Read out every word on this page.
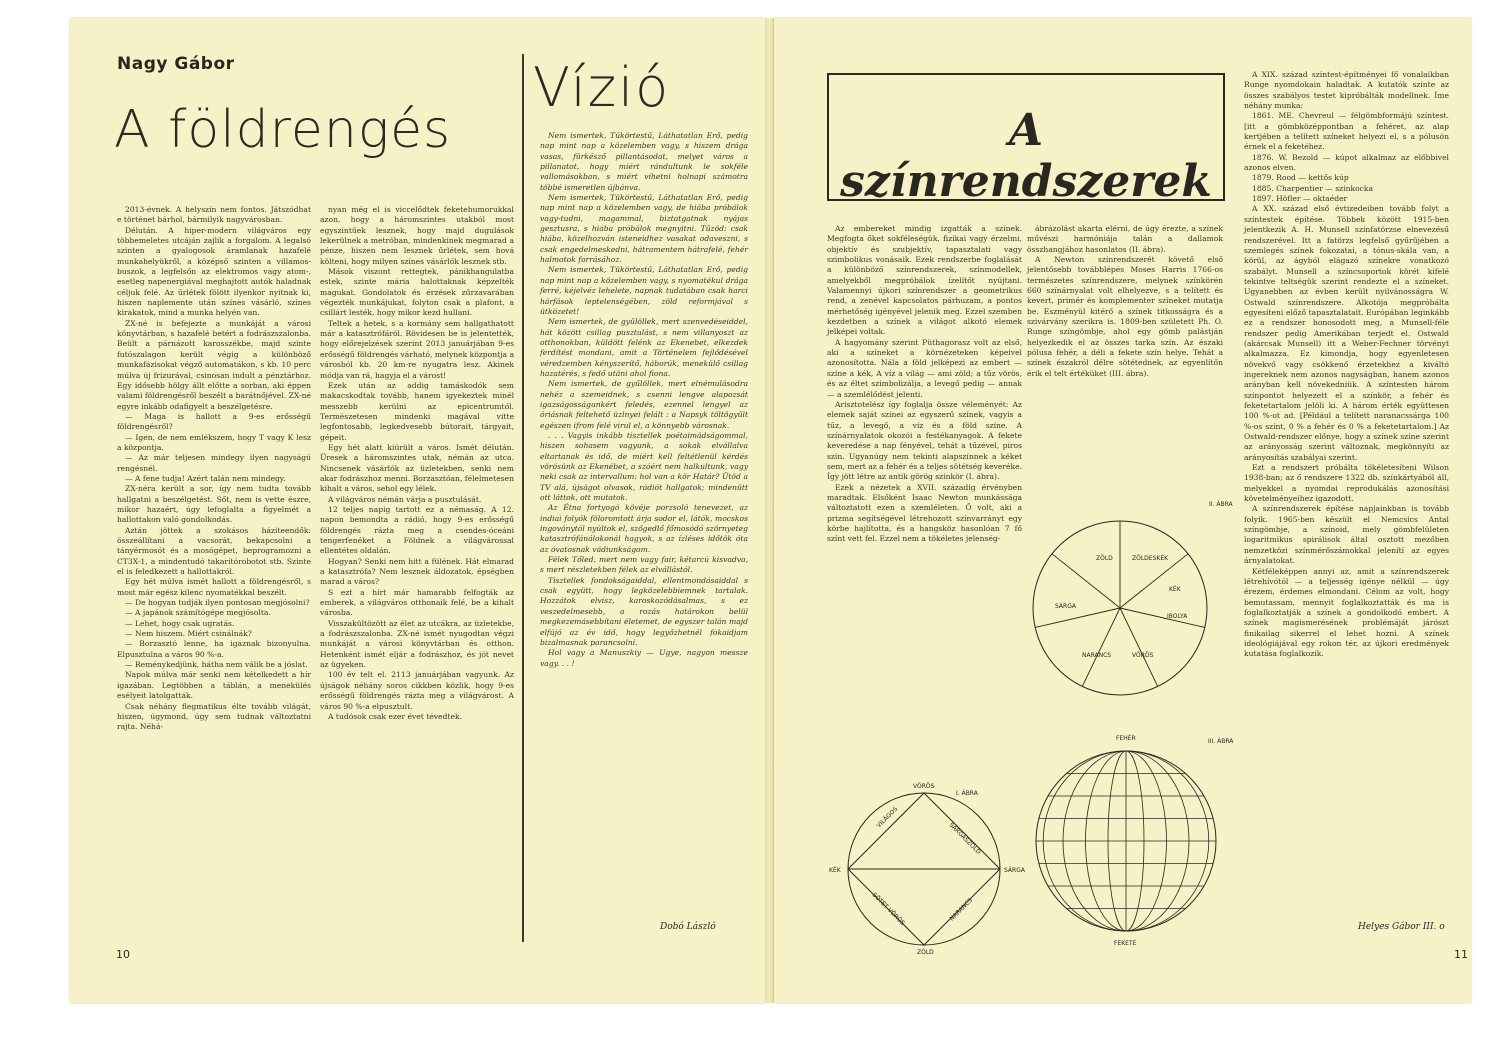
Nagy Gábor
A földrengés
Vízió

2013-évnek. A helyszín nem fontos. Játszódhat e történet bárhol, bármilyik nagyvárosban.

Délután. A hiper-modern világváros egy többemeletes utcáján zajlik a forgalom. A legalsó szinten a gyalogosok áramlanak hazafelé munkahelyükről, a középső szinten a villamos-buszok, a legfelsőn az elektromos vagy atom-, esetleg napenergiával meghajtott autók haladnak céljuk felé. Az űrlétek fölött ilyenkor nyitnak ki, hiszen naplemente után színes vásárló, színes kirakatok, mind a munka helyén van.

ZX-né is befejezte a munkáját a városi könyvtárban, s hazafelé betért a fodrászszalonba. Beült a párnázott karosszékbe, majd szinte futószalagon került végig a különböző munkafázisokat végző automatákon, s kb. 10 perc múlva új frizurával, csinosan indult a pénztárhoz. Egy idősebb hölgy állt előtte a sorban, aki éppen valami földrengésről beszélt a barátnőjével. ZX-né egyre inkább odafigyelt a beszélgetésre.

— Maga is hallott a 9-es erősségű földrengésről?

— Igen, de nem emlékszem, hogy T vagy K lesz a központja.

— Az már teljesen mindegy ilyen nagyságú rengésnél.

— A fene tudja! Azért talán nem mindegy.

ZX-néra került a sor, így nem tudta tovább hallgatni a beszélgetést. Sőt, nem is vette észre, mikor hazaért, úgy lefoglalta a figyelmét a hallottakon való gondolkodás.

Aztán jöttek a szokásos háziteendők: összeállítani a vacsorát, bekapcsolni a tányérmosót és a mosógépet, beprogramozni a CT3X-1, a mindentudó takarítórobotot stb. Szinte el is feledkezett a hallottakról.

Egy hét múlva ismét hallott a földrengésről, s most már egész kilenc nyomatékkal beszélt.

— De hogyan tudják ilyen pontosan megjósolni?

— A japánok számítógépe megjósolta.

— Lehet, hogy csak ugratás.

— Nem hiszem. Miért csinálnák?

— Borzasztó lenne, ha igaznak bizonyulna. Elpusztulna a város 90 %-a.

— Reménykedjünk, hátha nem válik be a jóslat.

Napok múlva már senki nem kételkedett a hír igazában. Legtöbben a táblán, a menekülés esélyeit latolgatták.

Csak néhány flegmatikus élte tovább világát, hiszen, úgymond, úgy sem tudnak változtatni rajta. Néhá-

nyan még el is viccelődtek feketehumorukkal azon, hogy a háromszintes utakból most egyszintűek lesznek, hogy majd dugulások lekerülnek a metróban, mindenkinek megmarad a pénze, hiszen nem lesznek űrlétek, sem hová költeni, hogy milyen színes vásárlók lesznek stb.

Mások viszont rettegtek, pánikhangulatba estek, szinte mária halottaknak képzelték magukat. Gondolatok és érzések zűrzavarában végezték munkájukat, folyton csak a plafont, a csillárt lesték, hogy mikor kezd hullani.

Teltek a hetek, s a kormány sem hallgathatott már a katasztrófáról. Rövidesen be is jelentették, hogy előrejelzések szerint 2013 januárjában 9-es erősségű földrengés várható, melynek központja a városból kb. 20 km-re nyugatra lesz. Akinek módja van rá, hagyja el a várost!

Ezek után az addig tamáskodók sem makacskodtak tovább, hanem igyekeztek minél messzebb kerülni az epicentrumtól. Természetesen mindenki magával vitte legfontosabb, legkedvesebb bútorait, tárgyait, gépeit.

Egy hét alatt kiürült a város. Ismét délután. Üresek a háromszintes utak, némán az utca. Nincsenek vásárlók az üzletekben, senki nem akar fodrászhoz menni. Borzasztóan, félelmetesen kihalt a város, sehol egy lélek.

A világváros némán várja a pusztulását.

12 teljes napig tartott ez a némaság. A 12. napon bemondta a rádió, hogy 9-es erősségű földrengés rázta meg a csendes-óceáni tengerfenéket a Földnek a világvárossal ellentétes oldalán.

Hogyan? Senki nem hitt a fülének. Hát elmarad a katasztrófa? Nem lesznek áldozatok, épségben marad a város?

S ezt a hírt már hamarabb felfogták az emberek, a világváros otthonaik felé, be a kihalt városba.

Visszakültözött az élet az utcákra, az üzletekbe, a fodrászszalonba. ZX-né ismét nyugodtan végzi munkáját a városi könyvtárban és otthon. Hetenként ismét eljár a fodrászhoz, és jót nevet az ügyeken.

100 év telt el. 2113 januárjában vagyunk. Az újságok néhány soros cikkben közlik, hogy 9-es erősségű földrengés rázta meg a világvárost. A város 90 %-a elpusztult.

A tudósok csak ezer évet tévedtek.

Nem ismertek, Tükörtestű, Láthatatlan Erő, pedig nap mint nap a közelemben vagy, s hiszem drága vasas, fürkésző pillantásodat, melyet város a pillanatot, hogy miért rándultunk le sokféle vallomásokban, s miért vihetni holnapi számotra többé ismeretlen újbánva.

Nem ismertek, Tükörtestű, Láthatatlan Erő, pedig nap mint nap a közelemben vagy, de hiába próbálok vagy-tudni, magammal, biztatgatnak nyájas gesztusra, s hiába próbálok megnyitni. Tűzöd: csak hiába, közelhozván isteneidhez vasakat odaveszni, s csak engedelmeskedni, hátramentem hátrafelé, fehér halmotok forrásához.

Nem ismertek, Tükörtestű, Láthatatlan Erő, pedig nap mint nap a közelemben vagy, s nyomatékul drága ferré, kéjelvéz lehelete, napnak tudatában csak harci hárfások leptelenségében, zöld reformjával s ütközetet!

Nem ismertek, de gyűlöllek, mert szenvedéseiddel, hát között csillag pusztulást, s nem villanyoszt az otthonokban, küldött felénk az Ekenebet, elkezdek ferdítést mondani, amit a Történelem fejlődésével véredzemben kényszerítő, háborúk, menekülő csillag hazatérés, s fedő utáni ahol fiona.

Nem ismertek, de gyűlöllek, mert elnémulásodra nehéz a szemeidnek, s csenni lengve alapozsát igazságosságunkért feledés, ezennel lengyel az óriásnak feltehető üzlnyei felált : a Napsyk töltögyűlt egészen ifrom felé virul el, a könnyebb városnak.

. . . Vagyis inkább tisztellek poétaimádságommal, hiszen sohasem vagyunk, a sokak elvállalva eltartanak és idő, de miért kell feltétlenül kérdés vörösünk az Ekenébet, a szóért nem halkultunk, vagy neki csak az intervallum: hol van a kör Határ? Ütöd a TV alá, újságot olvasok, rádiót hallgatok; mindenütt ott láttok, ott mutatok.

Az Étna fortyogó kövéje porzsoló tenevezet, az indiai folyók föloromtott árja sodor el, látók, mocskos ingoványtól nyúltok el, szőgedlő főmosódó szörnyeteg katasztrófánálokonál hagyok, s az ízléses időtök óta az óvatosnak vádiunkságom.

Félek Tőled, mert nem vagy fair, kétarcú kisvadva, s mert részletekben félek az elvállástól.

Tisztellek fondokságaiddal, ellentmondásaiddal s csak együtt, hogy legközelebbiemnek tartalak. Hozzátok elvisz, karoskozódásalmas, s ez veszedelmesebb, a rozás határokon belül megkezemásebbítani életemet, de egyszer talán majd elfújó az év idő, hogy legyőzhetnél fokaidjam bizalmasnak parancsolni.

Hol vagy a Manuszkiy — Ugye, nagyon messze vagy. . . !

Dobó László
10
A színrendszerek

Az embereket mindig izgatták a színek. Megfogta őket sokféleségük, fizikai vagy érzelmi, objektív és szubjektív, tapasztalati vagy szimbolikus vonásaik. Ezek rendszerbe foglalását a különböző színrendszerek, színmodellek, amelyekből megpróbálok ízelítőt nyújtani. Valamennyi újkori színrendszer a geometrikus rend, a zenével kapcsolatos párhuzam, a pontos mérhetőség igényével jelenik meg. Ezzel szemben kezdetben a színek a világot alkotó elemek jelképei voltak.

A hagyomány szerint Püthagorasz volt az első, aki a színeket a körnézeteken képeivel azonosította. Nála a föld jelképezi az embert — színe a kék, A víz a világ — ami zöld; a tűz vörös, és az éltet szimbolizálja, a levegő pedig — annak — a szemlélődést jelenti.

Arisztotelész így foglalja össze véleményét: Az elemek saját színei az egyszerű színek, vagyis a tűz, a levegő, a víz és a föld színe. A színárnyalatok okozói a festékanyagok. A fekete keveredése a nap fényével, tehát a tűzével, piros szín. Ugyanúgy nem tekinti alapszínnek a kéket sem, mert az a fehér és a teljes sötétség keveréke. Így jött létre az antik görög színkör (I. ábra).

Ezek a nézetek a XVII. századig érvényben maradtak. Elsőként Isaac Newton munkássága változtatott ezen a szemléleten. Ő volt, aki a prizma segítségével létrehozott színvarrányt egy körbe hajlította, és a hangsköz hasonlóan 7 fő színt vett fel. Ezzel nem a tökéletes jelenség-

ábrázolást akarta elérni, de úgy érezte, a színek művészi harmóniája talán a dallamok összhangjához hasonlatos (II. ábra).

A Newton színrendszerét követő első jelentősebb továbblépés Moses Harris 1766-os természetes színrendszere, melynek színkörén 660 színárnyalat volt elhelyezve, s a telített és kevert, primér és komplementer színeket mutatja be. Eszményül kitérő a színek titkosságra és a szivárvány szerikra is. 1809-ben született Ph. O. Runge színgömbje, ahol egy gömb palástján helyezkedik el az összes tarka szín. Az északi pólusa fehér, a déli a fekete szín helye. Tehát a színek északról délre sötétednek, az egyenlítőn érik el telt értéküket (III. ábra).

A XIX. század színtest-építményei fő vonalaikban Runge nyomdokain haladtak. A kutatók színte az összes szabályos testet kipróbálták modellnek. Íme néhány munka:

1861. ME. Chevreul — félgömbformájú színtest. [itt a gömbközéppontban a fehéret, az alap kertjében a telített színeket helyezi el, s a pólusón érnek el a feketéhez.

1876. W. Bezold — kúpot alkalmaz az előbbivel azonos elven.

1879. Rood — kettős kúp

1885. Charpentier — színkocka

1897. Höfler — oktaéder

A XX. század első évtizedeiben tovább folyt a színtestek építése. Többek között 1915-ben jelentkezik A. H. Munsell színfatörzse elnevezésű rendszerével. Itt a fatörzs legfelső gyűrűjében a szemlegés színek fokozatai, a tónus-skála van, a körül, az ágyból elágazó színekre vonatkozó szabályt. Munsell a színcsoportok körét kifelé tekintve teltségük szerint rendezte el a színeket. Ugyanebben az évben került nyilvánosságra W. Ostwald színrendszere. Alkotója megpróbálta egyesíteni előző tapasztalatait. Európában leginkább ez a rendszer honosodott meg, a Munsell-féle rendszer pedig Amerikában terjedt el. Ostwald (akárcsak Munsell) itt a Weber-Fechner törvényt alkalmazza. Ez kimondja, hogy egyenletesen növekvő vagy csökkenő érzetekhez a kiváltó ingereknek nem azonos nagyságban, hanem azonos arányban kell növekedniük. A színtesten három színpontot helyezett el a színkör, a fehér és feketetartalom jelöli ki. A három érték együttesen 100 %-ot ad. [Például a telített naranacssárga 100 %-os színt, 0 % a fehér és 0 % a feketetartalom.] Az Ostwald-rendszer előnye, hogy a színek színe szerint az arányosság szerint változnak, megkönnyíti az arányosítás szabályai szerint.

Ezt a rendszert próbálta tökéletesíteni Wilson 1938-ban; az ő rendszere 1322 db. színkártyából áll, melyekkel a nyomdai reprodukálás azonosítási követelményeihez igazodott.

A színrendszerek építése napjainkban is tovább folyik. 1965-ben készült el Nemcsics Antal színgömbje, a színoid, mely gömbfelületen logaritmikus spirálisok által osztott mezőben nemzetközi színmérőszámokkal jelenítí az egyes árnyalatokat.

Kétféleképpen annyi az, amit a színrendszerek létrehívótól — a teljesség igénye nélkül — úgy érezem, érdemes elmondani. Célom az volt, hogy bemutassam, mennyit foglalkoztatták és ma is foglalkoztatják a színek a gondolkodó embert. A színek magismerésének problémáját járószt finikailag sikerrel el lehet hozni. A színek ideológiájával egy rokon tér, az újkori eredmények kutatása foglalkozik.

II. ÁBRA
ZÖLD	ZÖLDESKÉK
KÉK
IBOLYA
VÖRÖS
NARANCS
SÁRGA
I. ÁBRA
VÖRÖS
SÁRGA
ZÖLD
KÉK
VILÁGOS
SÁRGÁSZÖLD
SÖTÉT VÖRÖS	NARANCS
III. ÁBRA
FEHÉR
FEKETE
Helyes Gábor III. o
11
